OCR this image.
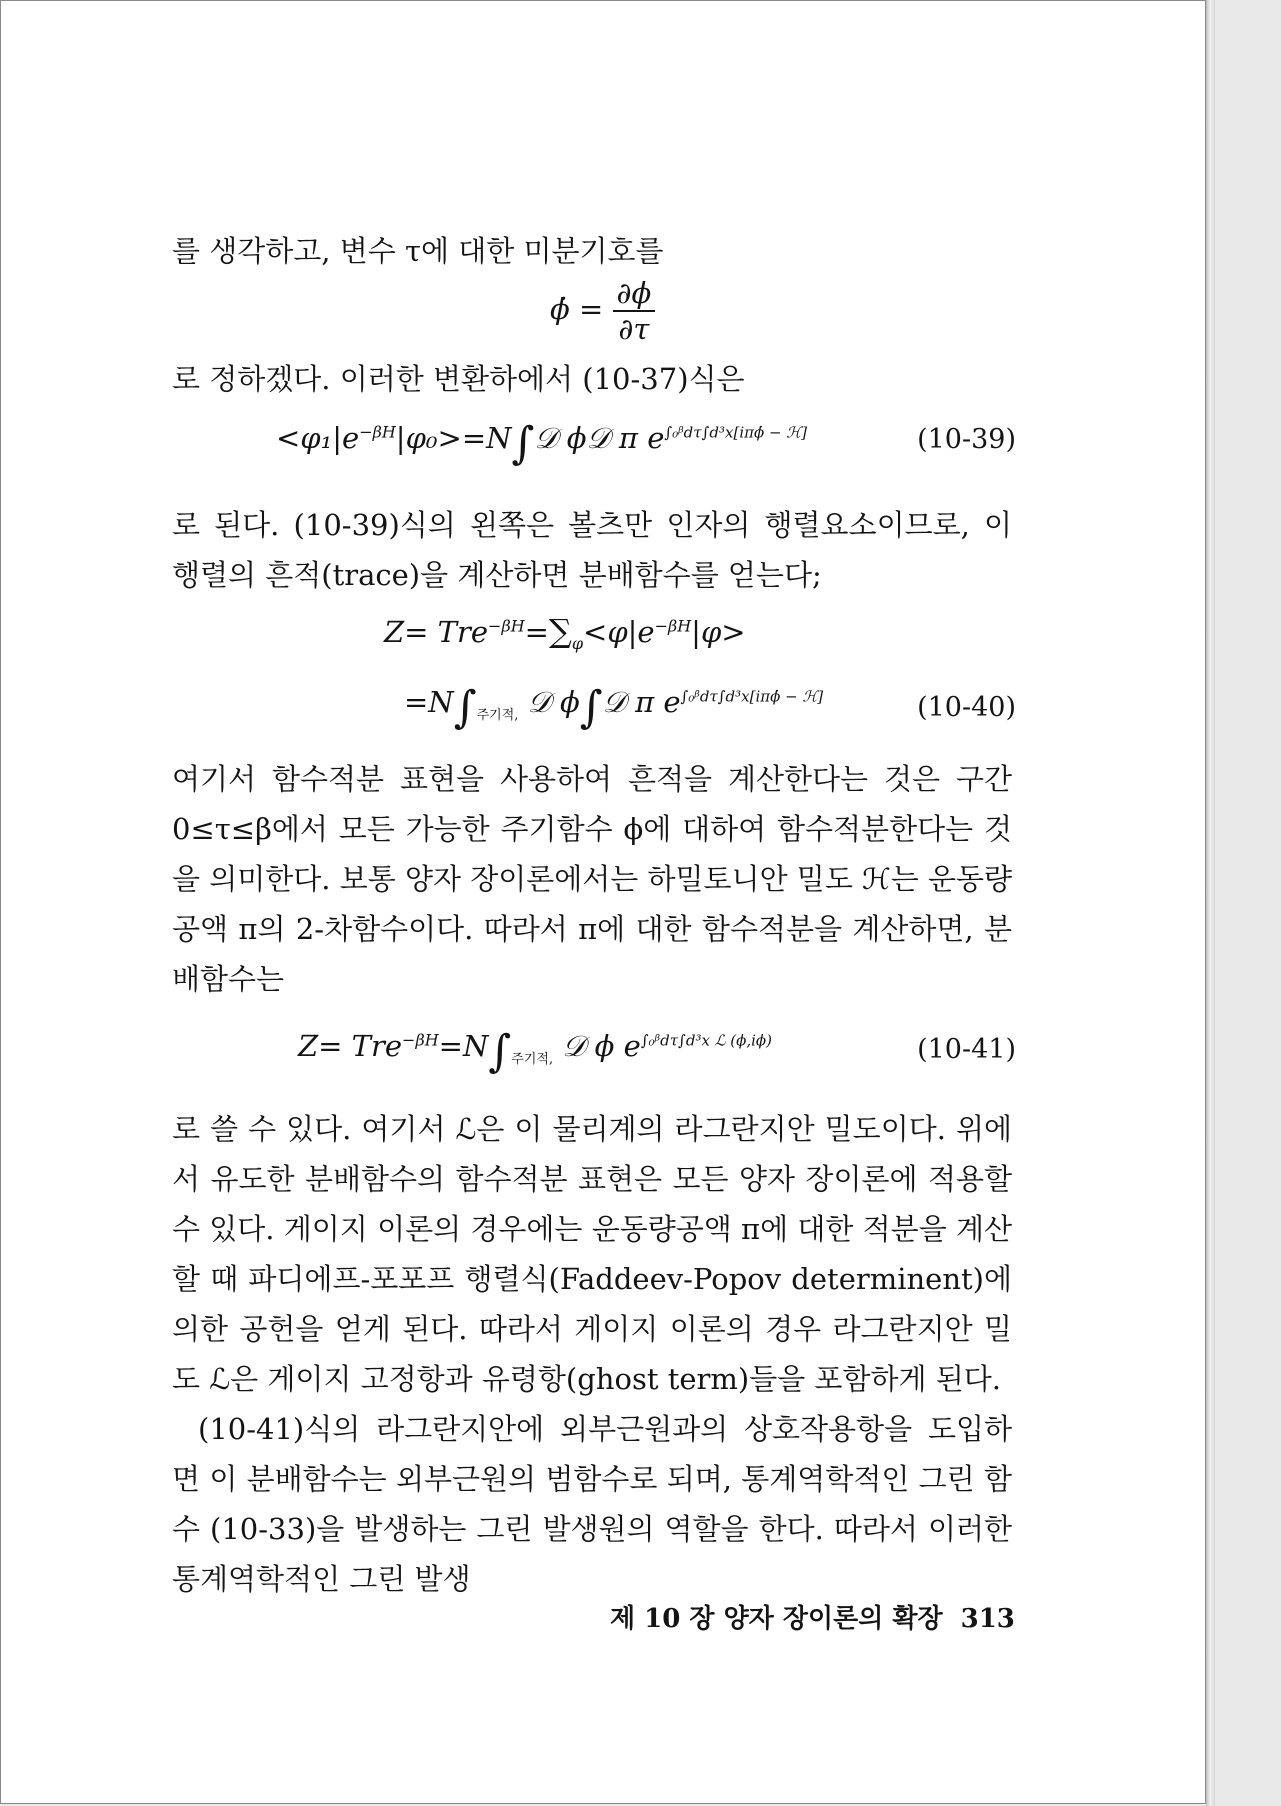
를 생각하고, 변수 τ에 대한 미분기호를

ϕ̇ = $\frac{\partial\phi}{\partial\tau}$

로 정하겠다. 이러한 변환하에서 (10-37)식은

$<\varphi_1|e^{-\beta H}|\varphi_0>=N\int 𝒟$ ϕ𝒟 π $e^{\int_0ᵝd\tau\int d^3x[i\pi\phi̇ - ℋ]}$	(10-39)

로 된다. (10-39)식의 왼쪽은 볼츠만 인자의 행렬요소이므로, 이 행렬의 흔적(trace)을 계산하면 분배함수를 얻는다;

$Z= Tre^{-\beta H}=\sum_\varphi<\varphi|e^{-\beta H}|\varphi>$
$=N\int_{주기적,}$ 𝒟 ϕ∫𝒟 π $e^{\int_0ᵝd\tau\int d^3x[i\pi\phi̇ - ℋ]}$	(10-40)

여기서 함수적분 표현을 사용하여 흔적을 계산한다는 것은 구간 0≤τ≤β에서 모든 가능한 주기함수 ϕ에 대하여 함수적분한다는 것을 의미한다. 보통 양자 장이론에서는 하밀토니안 밀도 ℋ는 운동량공액 π의 2-차함수이다. 따라서 π에 대한 함수적분을 계산하면, 분배함수는

$Z= Tre^{-\beta H}=N\int_{주기적,}$ 𝒟 ϕ $e^{\int_0ᵝd\tau\int d^3x ℒ (\phi,i\phi)}$	(10-41)

로 쓸 수 있다. 여기서 ℒ은 이 물리계의 라그란지안 밀도이다. 위에서 유도한 분배함수의 함수적분 표현은 모든 양자 장이론에 적용할 수 있다. 게이지 이론의 경우에는 운동량공액 π에 대한 적분을 계산할 때 파디에프-포포프 행렬식(Faddeev-Popov determinent)에 의한 공헌을 얻게 된다. 따라서 게이지 이론의 경우 라그란지안 밀도 ℒ은 게이지 고정항과 유령항(ghost term)들을 포함하게 된다.

(10-41)식의 라그란지안에 외부근원과의 상호작용항을 도입하면 이 분배함수는 외부근원의 범함수로 되며, 통계역학적인 그린 함수 (10-33)을 발생하는 그린 발생원의 역할을 한다. 따라서 이러한 통계역학적인 그린 발생

제 10 장 양자 장이론의 확장 313
